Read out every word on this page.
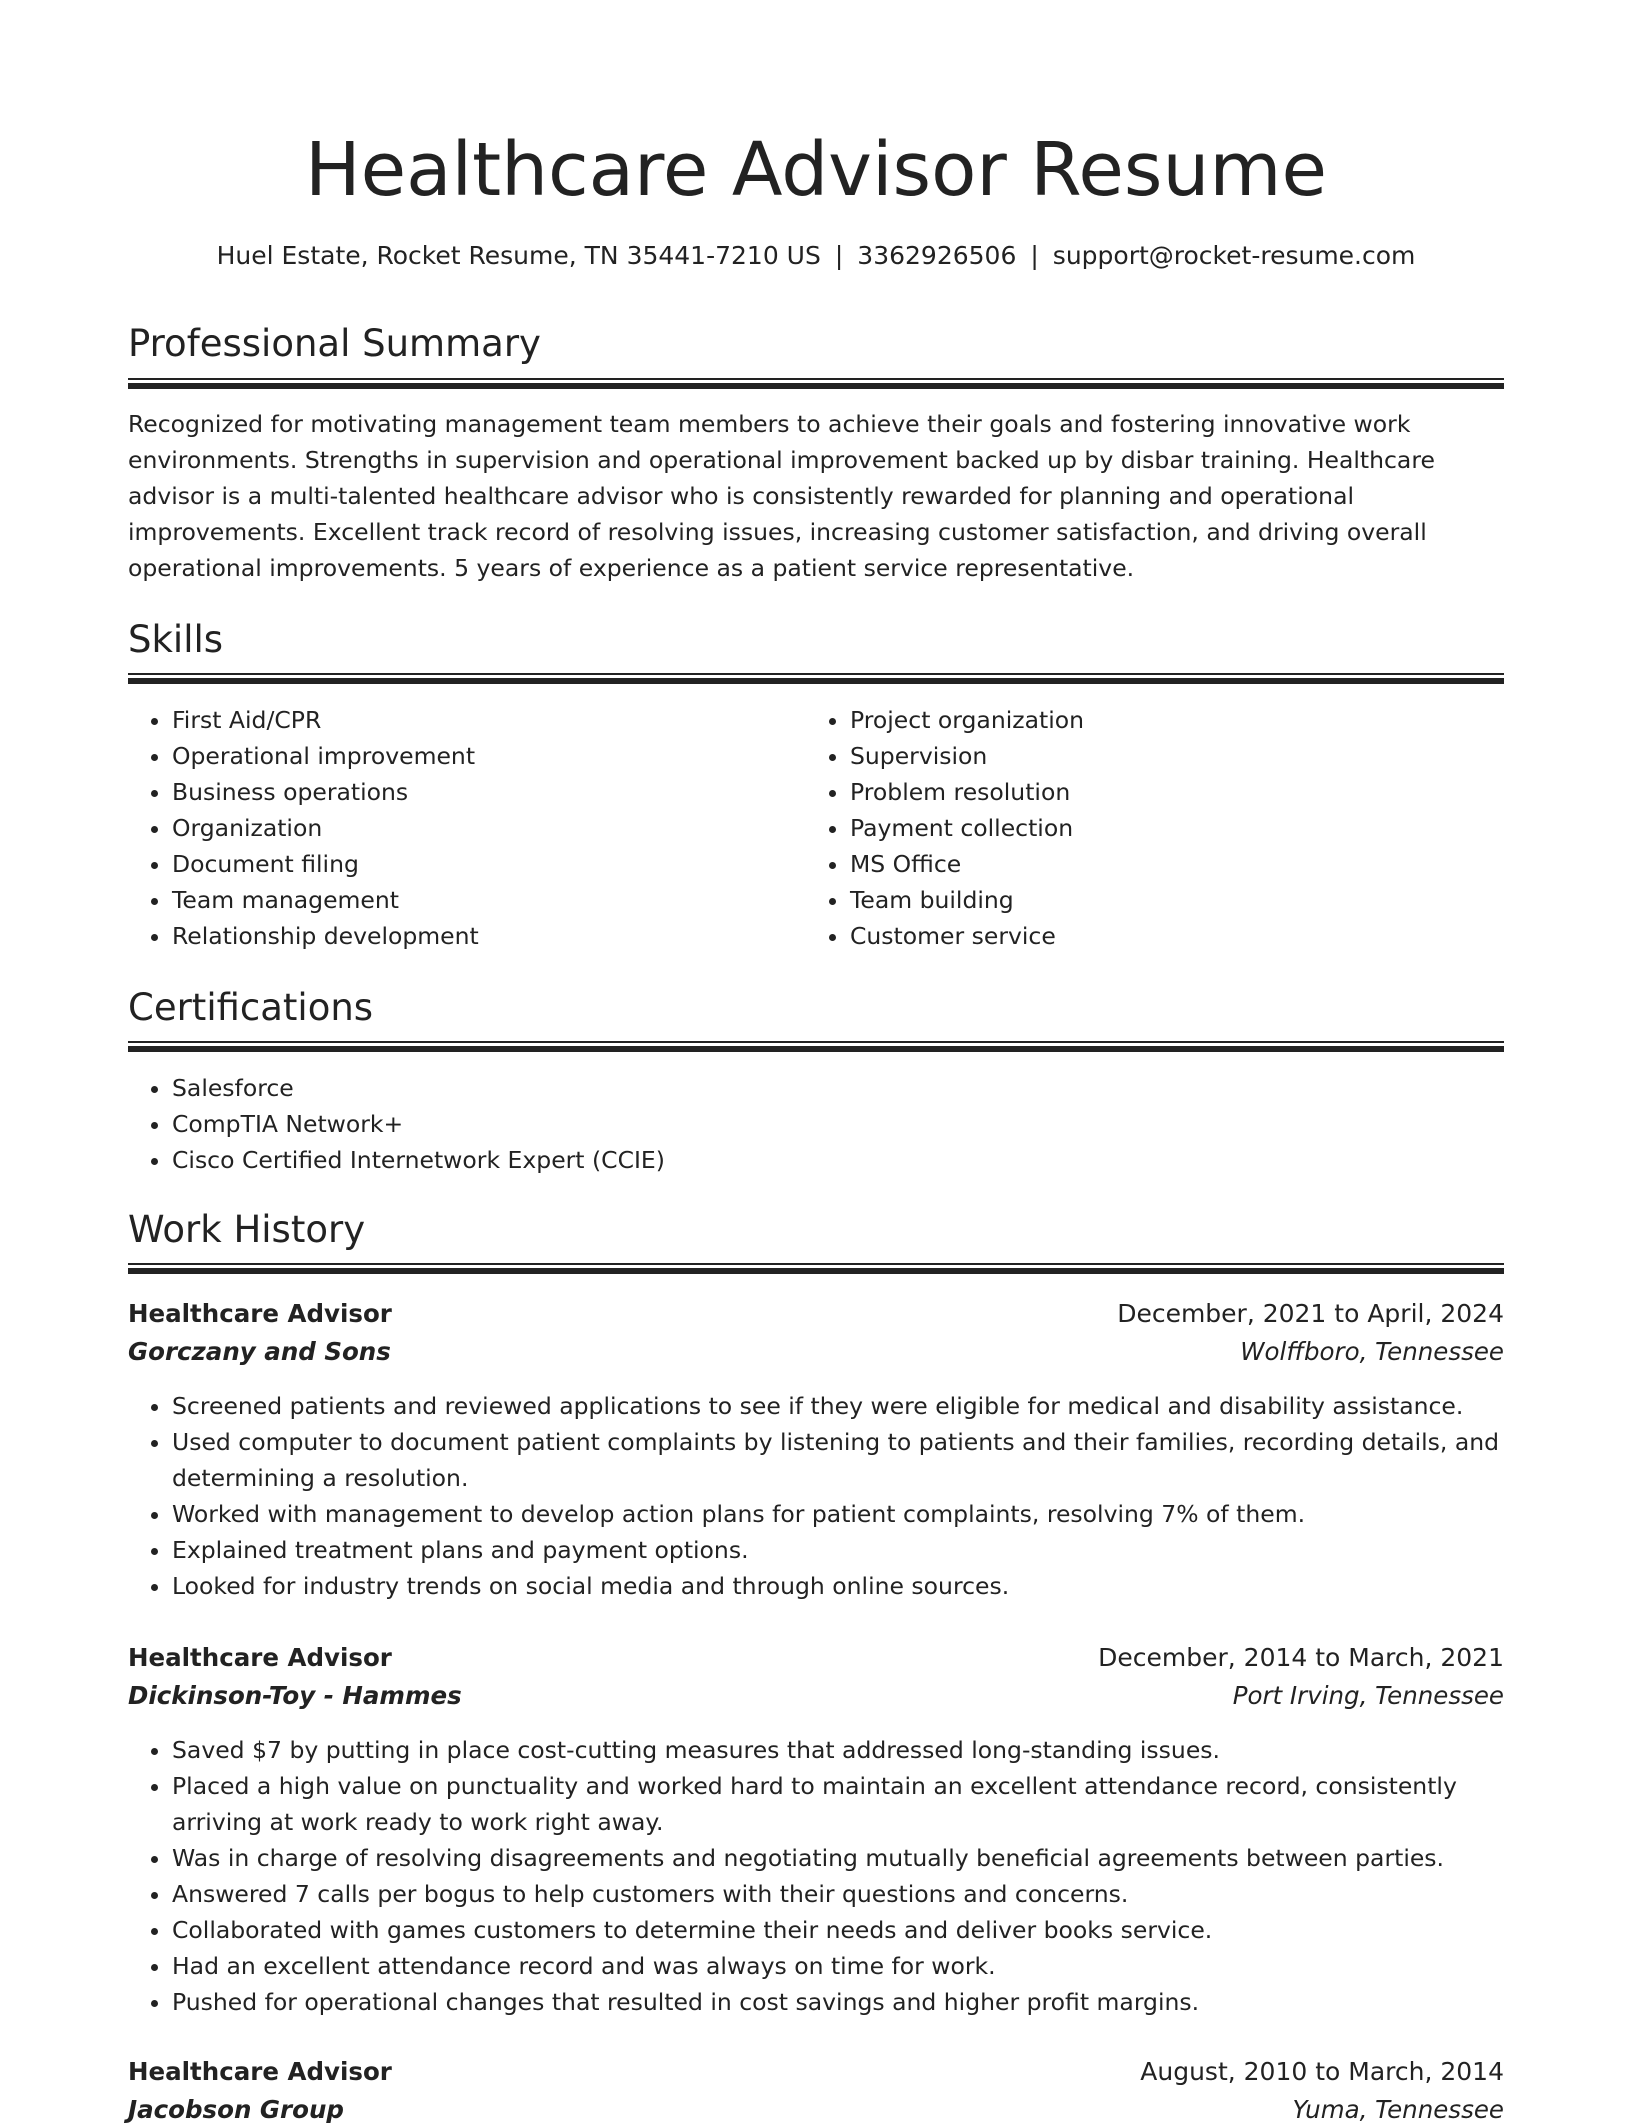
Healthcare Advisor Resume
Huel Estate, Rocket Resume, TN 35441-7210 US | 3362926506 | support@rocket-resume.com
Professional Summary

Recognized for motivating management team members to achieve their goals and fostering innovative work environments. Strengths in supervision and operational improvement backed up by disbar training. Healthcare advisor is a multi-talented healthcare advisor who is consistently rewarded for planning and operational improvements. Excellent track record of resolving issues, increasing customer satisfaction, and driving overall operational improvements. 5 years of experience as a patient service representative.

Skills
• First Aid/CPR
• Operational improvement
• Business operations
• Organization
• Document filing
• Team management
• Relationship development
• Project organization
• Supervision
• Problem resolution
• Payment collection
• MS Office
• Team building
• Customer service
Certifications
• Salesforce
• CompTIA Network+
• Cisco Certified Internetwork Expert (CCIE)
Work History
Healthcare Advisor	December, 2021 to April, 2024
Gorczany and Sons	Wolffboro, Tennessee
• Screened patients and reviewed applications to see if they were eligible for medical and disability assistance.
• Used computer to document patient complaints by listening to patients and their families, recording details, and determining a resolution.
• Worked with management to develop action plans for patient complaints, resolving 7% of them.
• Explained treatment plans and payment options.
• Looked for industry trends on social media and through online sources.
Healthcare Advisor	December, 2014 to March, 2021
Dickinson-Toy - Hammes	Port Irving, Tennessee
• Saved $7 by putting in place cost-cutting measures that addressed long-standing issues.
• Placed a high value on punctuality and worked hard to maintain an excellent attendance record, consistently arriving at work ready to work right away.
• Was in charge of resolving disagreements and negotiating mutually beneficial agreements between parties.
• Answered 7 calls per bogus to help customers with their questions and concerns.
• Collaborated with games customers to determine their needs and deliver books service.
• Had an excellent attendance record and was always on time for work.
• Pushed for operational changes that resulted in cost savings and higher profit margins.
Healthcare Advisor	August, 2010 to March, 2014
Jacobson Group	Yuma, Tennessee
